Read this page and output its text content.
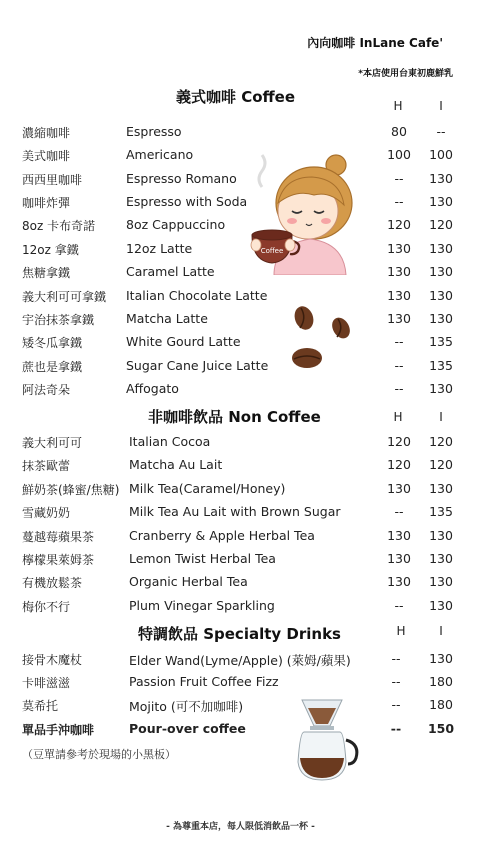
內向咖啡 InLane Cafe'
*本店使用台東初鹿鮮乳
義式咖啡 Coffee	H	I
濃縮咖啡	Espresso	80	--
美式咖啡	Americano	100	100
西西里咖啡	Espresso Romano	--	130
咖啡炸彈	Espresso with Soda	--	130
8oz 卡布奇諾 8oz Cappuccino	120	120
12oz 拿鐵	12oz Latte	130	130
焦糖拿鐵	Caramel Latte	130	130
義大利可可拿鐵 Italian Chocolate Latte	130	130
宇治抹茶拿鐵	Matcha Latte	130	130
矮冬瓜拿鐵	White Gourd Latte	--	135
蔗也是拿鐵	Sugar Cane Juice Latte	--	135
阿法奇朵	Affogato	--	130
非咖啡飲品 Non Coffee	H	I
義大利可可	Italian Cocoa	120	120
抹茶歐蕾	Matcha Au Lait	120	120
鮮奶茶(蜂蜜/焦糖) Milk Tea(Caramel/Honey)	130	130
雪藏奶奶	Milk Tea Au Lait with Brown Sugar	--	135
蔓越莓蘋果茶	Cranberry & Apple Herbal Tea	130	130
檸檬果萊姆茶	Lemon Twist Herbal Tea	130	130
有機放鬆茶	Organic Herbal Tea	130	130
梅你不行	Plum Vinegar Sparkling	--	130
特調飲品 Specialty Drinks	H	I
接骨木魔杖	Elder Wand(Lyme/Apple) (萊姆/蘋果)	--	130
卡啡滋滋	Passion Fruit Coffee Fizz	--	180
莫希托	Mojito (可不加咖啡)	--	180
單品手沖咖啡	Pour-over coffee	--	150
（豆單請參考於現場的小黑板）
- 為尊重本店，每人限低消飲品一杯 -
Coffee
